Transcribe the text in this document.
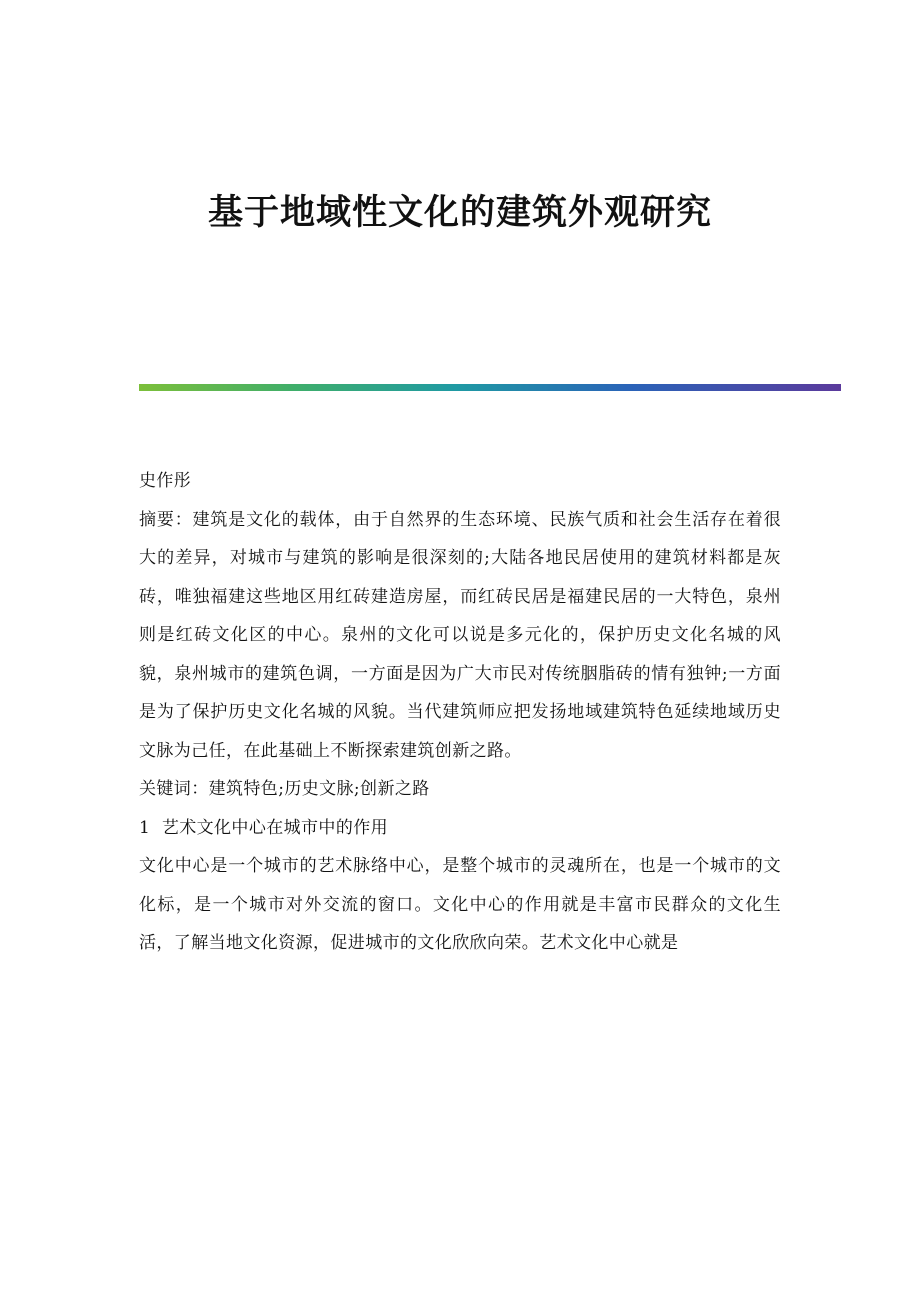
基于地域性文化的建筑外观研究

史作彤

摘要：建筑是文化的载体，由于自然界的生态环境、民族气质和社会生活存在着很大的差异，对城市与建筑的影响是很深刻的;大陆各地民居使用的建筑材料都是灰砖，唯独福建这些地区用红砖建造房屋，而红砖民居是福建民居的一大特色，泉州则是红砖文化区的中心。泉州的文化可以说是多元化的，保护历史文化名城的风貌，泉州城市的建筑色调，一方面是因为广大市民对传统胭脂砖的情有独钟;一方面是为了保护历史文化名城的风貌。当代建筑师应把发扬地域建筑特色延续地域历史文脉为己任，在此基础上不断探索建筑创新之路。

关键词：建筑特色;历史文脉;创新之路

1  艺术文化中心在城市中的作用

文化中心是一个城市的艺术脉络中心，是整个城市的灵魂所在，也是一个城市的文化标，是一个城市对外交流的窗口。文化中心的作用就是丰富市民群众的文化生活，了解当地文化资源，促进城市的文化欣欣向荣。艺术文化中心就是
